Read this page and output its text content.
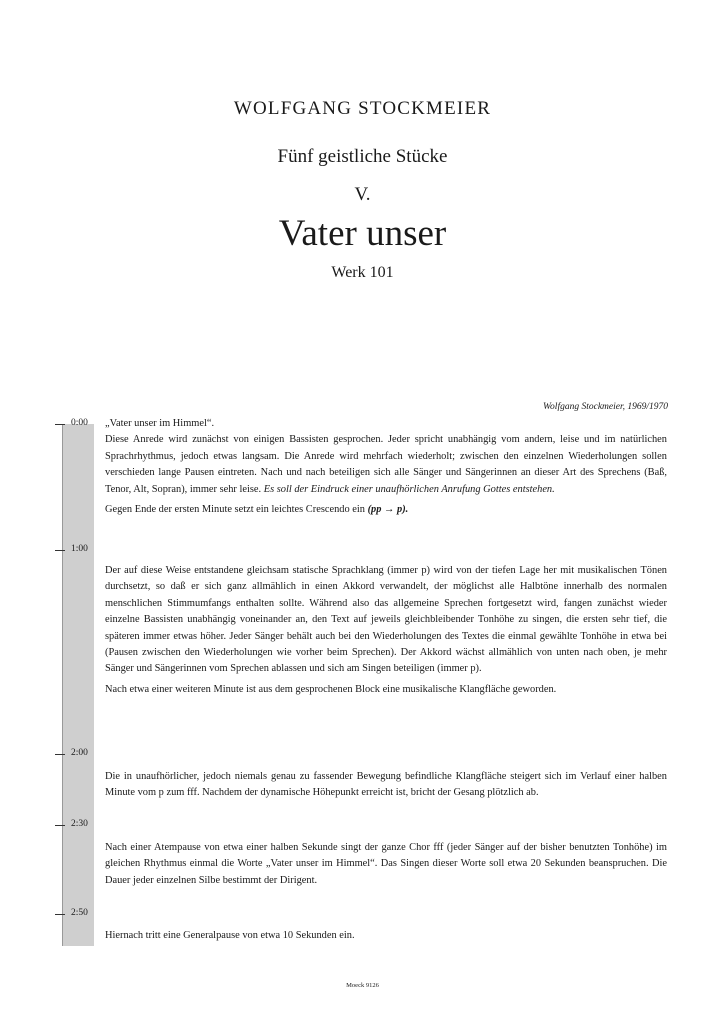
WOLFGANG STOCKMEIER
Fünf geistliche Stücke
V.
Vater unser
Werk 101
Wolfgang Stockmeier, 1969/1970
0:00
1:00
2:00
2:30
2:50

„Vater unser im Himmel“.

Diese Anrede wird zunächst von einigen Bassisten gesprochen. Jeder spricht unabhängig vom andern, leise und im natürlichen Sprachrhythmus, jedoch etwas langsam. Die Anrede wird mehrfach wiederholt; zwischen den einzelnen Wiederholungen sollen verschieden lange Pausen eintreten. Nach und nach beteiligen sich alle Sänger und Sängerinnen an dieser Art des Sprechens (Baß, Tenor, Alt, Sopran), immer sehr leise. Es soll der Eindruck einer unaufhörlichen Anrufung Gottes entstehen.

Gegen Ende der ersten Minute setzt ein leichtes Crescendo ein (pp → p).

Der auf diese Weise entstandene gleichsam statische Sprachklang (immer p) wird von der tiefen Lage her mit musikalischen Tönen durchsetzt, so daß er sich ganz allmählich in einen Akkord verwandelt, der möglichst alle Halbtöne innerhalb des normalen menschlichen Stimmumfangs enthalten sollte. Während also das allgemeine Sprechen fortgesetzt wird, fangen zunächst wieder einzelne Bassisten unabhängig voneinander an, den Text auf jeweils gleichbleibender Tonhöhe zu singen, die ersten sehr tief, die späteren immer etwas höher. Jeder Sänger behält auch bei den Wiederholungen des Textes die einmal gewählte Tonhöhe in etwa bei (Pausen zwischen den Wiederholungen wie vorher beim Sprechen). Der Akkord wächst allmählich von unten nach oben, je mehr Sänger und Sängerinnen vom Sprechen ablassen und sich am Singen beteiligen (immer p).

Nach etwa einer weiteren Minute ist aus dem gesprochenen Block eine musikalische Klangfläche geworden.

Die in unaufhörlicher, jedoch niemals genau zu fassender Bewegung befindliche Klangfläche steigert sich im Verlauf einer halben Minute vom p zum fff. Nachdem der dynamische Höhepunkt erreicht ist, bricht der Gesang plötzlich ab.

Nach einer Atempause von etwa einer halben Sekunde singt der ganze Chor fff (jeder Sänger auf der bisher benutzten Tonhöhe) im gleichen Rhythmus einmal die Worte „Vater unser im Himmel“. Das Singen dieser Worte soll etwa 20 Sekunden beanspruchen. Die Dauer jeder einzelnen Silbe bestimmt der Dirigent.

Hiernach tritt eine Generalpause von etwa 10 Sekunden ein.

Moeck 9126
